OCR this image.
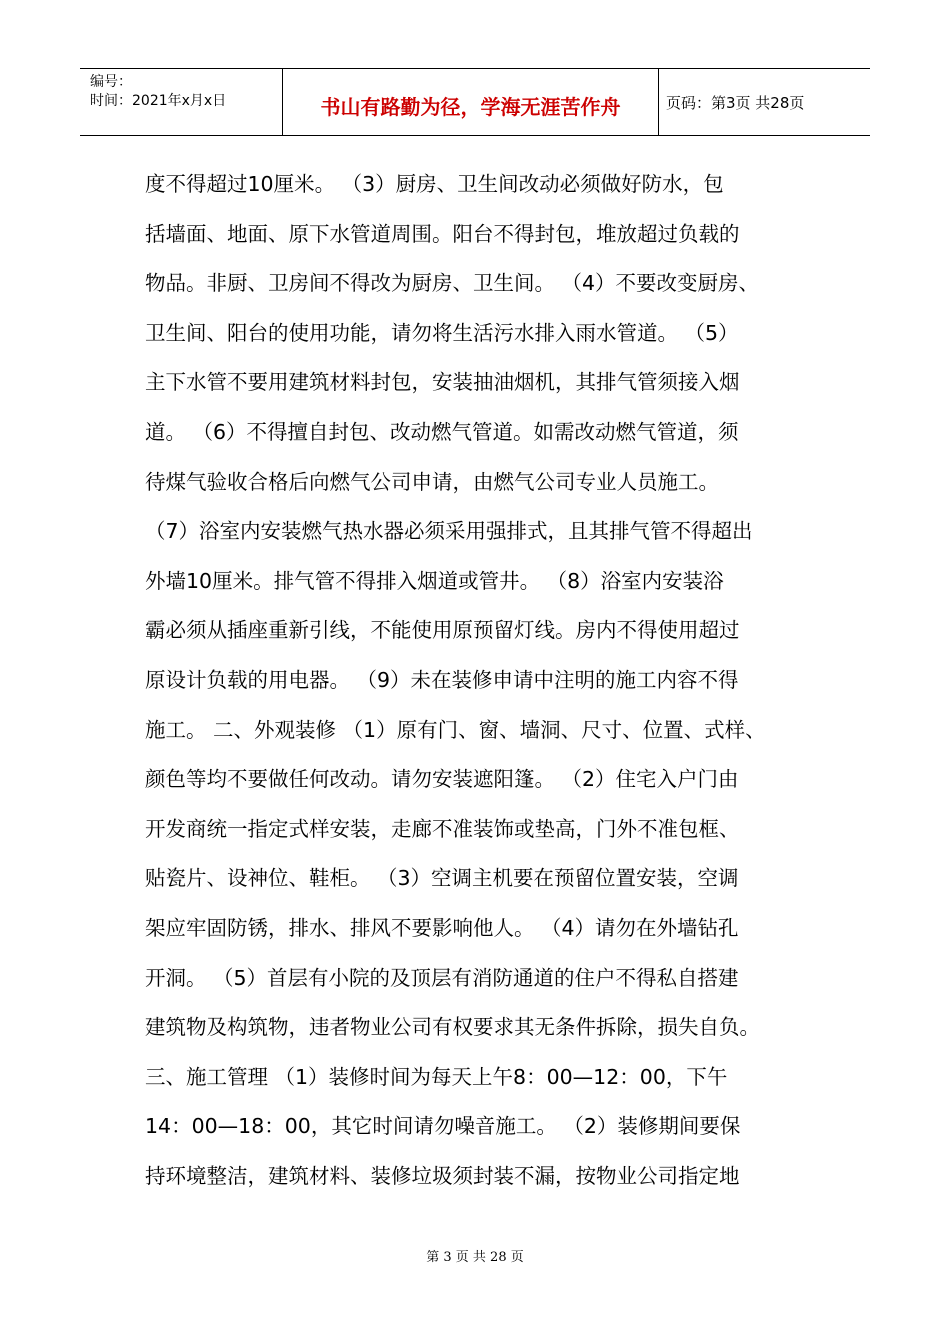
编号：
时间：2021年x月x日	书山有路勤为径，学海无涯苦作舟	页码：第3页 共28页
度不得超过10厘米。 （3）厨房、卫生间改动必须做好防水，包
括墙面、地面、原下水管道周围。阳台不得封包，堆放超过负载的
物品。非厨、卫房间不得改为厨房、卫生间。 （4）不要改变厨房、
卫生间、阳台的使用功能，请勿将生活污水排入雨水管道。 （5）
主下水管不要用建筑材料封包，安装抽油烟机，其排气管须接入烟
道。 （6）不得擅自封包、改动燃气管道。如需改动燃气管道，须
待煤气验收合格后向燃气公司申请，由燃气公司专业人员施工。
（7）浴室内安装燃气热水器必须采用强排式，且其排气管不得超出
外墙10厘米。排气管不得排入烟道或管井。 （8）浴室内安装浴
霸必须从插座重新引线，不能使用原预留灯线。房内不得使用超过
原设计负载的用电器。 （9）未在装修申请中注明的施工内容不得
施工。 二、外观装修 （1）原有门、窗、墙洞、尺寸、位置、式样、
颜色等均不要做任何改动。请勿安装遮阳篷。 （2）住宅入户门由
开发商统一指定式样安装，走廊不准装饰或垫高，门外不准包框、
贴瓷片、设神位、鞋柜。 （3）空调主机要在预留位置安装，空调
架应牢固防锈，排水、排风不要影响他人。 （4）请勿在外墙钻孔
开洞。 （5）首层有小院的及顶层有消防通道的住户不得私自搭建
建筑物及构筑物，违者物业公司有权要求其无条件拆除，损失自负。
三、施工管理 （1）装修时间为每天上午8：00—12：00，下午
14：00—18：00，其它时间请勿噪音施工。 （2）装修期间要保
持环境整洁，建筑材料、装修垃圾须封装不漏，按物业公司指定地
第 3 页 共 28 页
